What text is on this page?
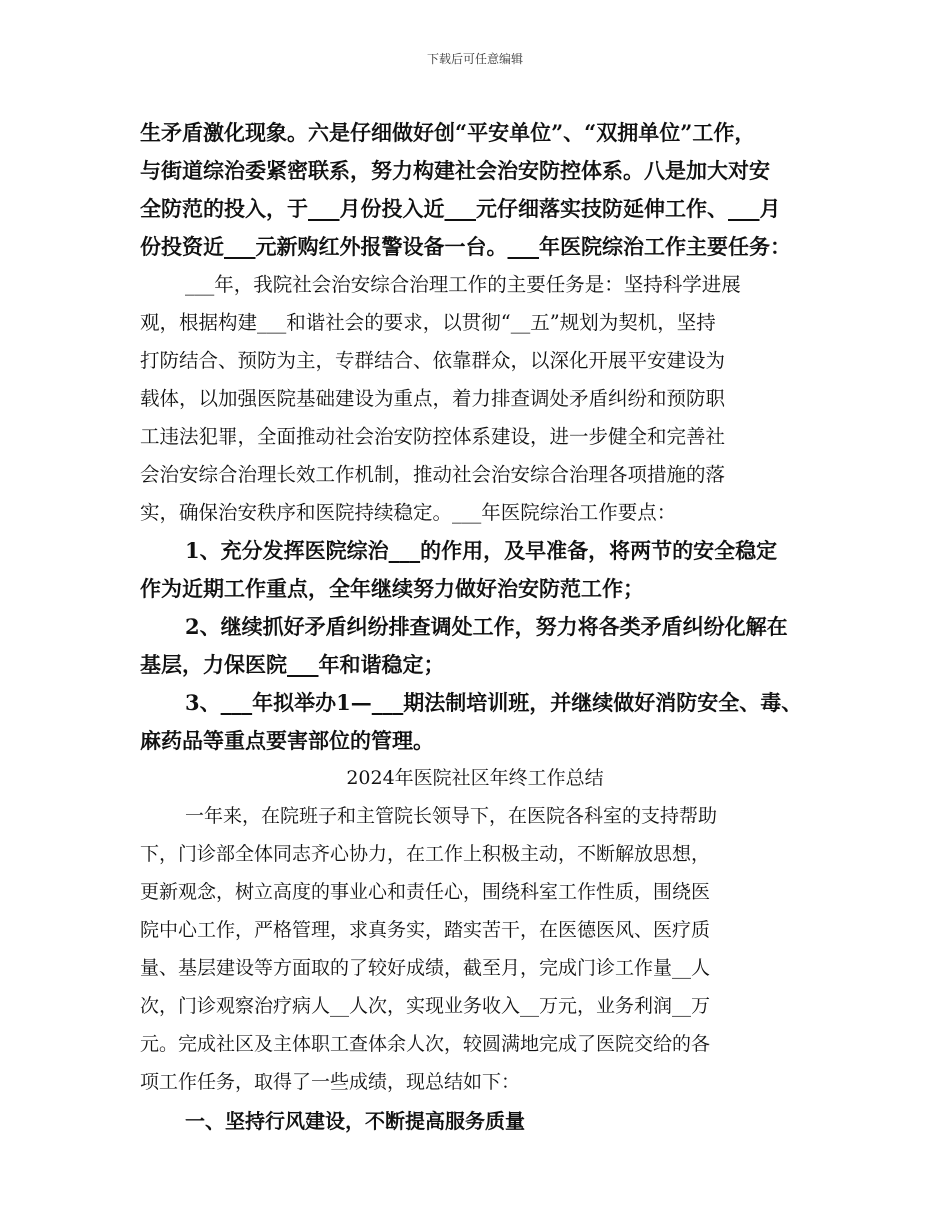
下载后可任意编辑
生矛盾激化现象。六是仔细做好创“平安单位”、“双拥单位”工作，
与街道综治委紧密联系，努力构建社会治安防控体系。八是加大对安
全防范的投入，于___月份投入近___元仔细落实技防延伸工作、___月
份投资近___元新购红外报警设备一台。___年医院综治工作主要任务：
___年，我院社会治安综合治理工作的主要任务是：坚持科学进展
观，根据构建___和谐社会的要求，以贯彻“__五”规划为契机，坚持
打防结合、预防为主，专群结合、依靠群众，以深化开展平安建设为
载体，以加强医院基础建设为重点，着力排查调处矛盾纠纷和预防职
工违法犯罪，全面推动社会治安防控体系建设，进一步健全和完善社
会治安综合治理长效工作机制，推动社会治安综合治理各项措施的落
实，确保治安秩序和医院持续稳定。___年医院综治工作要点：
1、充分发挥医院综治___的作用，及早准备，将两节的安全稳定
作为近期工作重点，全年继续努力做好治安防范工作；
2、继续抓好矛盾纠纷排查调处工作，努力将各类矛盾纠纷化解在
基层，力保医院___年和谐稳定；
3、___年拟举办1—___期法制培训班，并继续做好消防安全、毒、
麻药品等重点要害部位的管理。
2024年医院社区年终工作总结
一年来，在院班子和主管院长领导下，在医院各科室的支持帮助
下，门诊部全体同志齐心协力，在工作上积极主动，不断解放思想，
更新观念，树立高度的事业心和责任心，围绕科室工作性质，围绕医
院中心工作，严格管理，求真务实，踏实苦干，在医德医风、医疗质
量、基层建设等方面取的了较好成绩，截至月，完成门诊工作量__人
次，门诊观察治疗病人__人次，实现业务收入__万元，业务利润__万
元。完成社区及主体职工查体余人次，较圆满地完成了医院交给的各
项工作任务，取得了一些成绩，现总结如下：
一、坚持行风建设，不断提高服务质量
